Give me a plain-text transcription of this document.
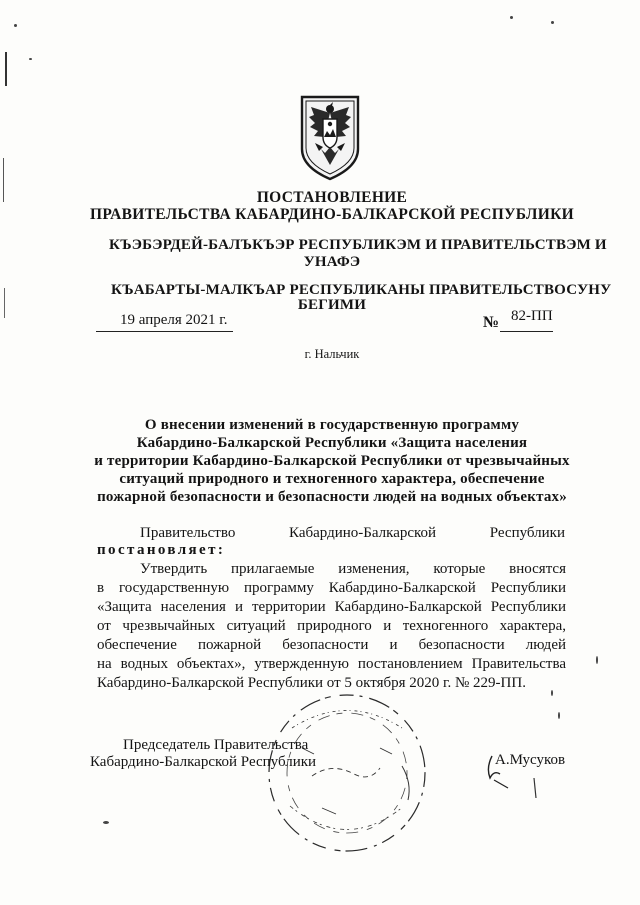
ПОСТАНОВЛЕНИЕ
ПРАВИТЕЛЬСТВА КАБАРДИНО-БАЛКАРСКОЙ РЕСПУБЛИКИ
КЪЭБЭРДЕЙ-БАЛЪКЪЭР РЕСПУБЛИКЭМ И ПРАВИТЕЛЬСТВЭМ И
УНАФЭ
КЪАБАРТЫ-МАЛКЪАР РЕСПУБЛИКАНЫ ПРАВИТЕЛЬСТВОСУНУ
БЕГИМИ
19 апреля 2021 г.	№ 82-ПП
г. Нальчик
О внесении изменений в государственную программу
Кабардино-Балкарской Республики «Защита населения
и территории Кабардино-Балкарской Республики от чрезвычайных
ситуаций природного и техногенного характера, обеспечение
пожарной безопасности и безопасности людей на водных объектах»
Правительство Кабардино-Балкарской Республики
постановляет:
Утвердить прилагаемые изменения, которые вносятся
в государственную программу Кабардино-Балкарской Республики
«Защита населения и территории Кабардино-Балкарской Республики
от чрезвычайных ситуаций природного и техногенного характера,
обеспечение пожарной безопасности и безопасности людей
на водных объектах», утвержденную постановлением Правительства
Кабардино-Балкарской Республики от 5 октября 2020 г. № 229-ПП.
Председатель Правительства
Кабардино-Балкарской Республики	А.Мусуков
